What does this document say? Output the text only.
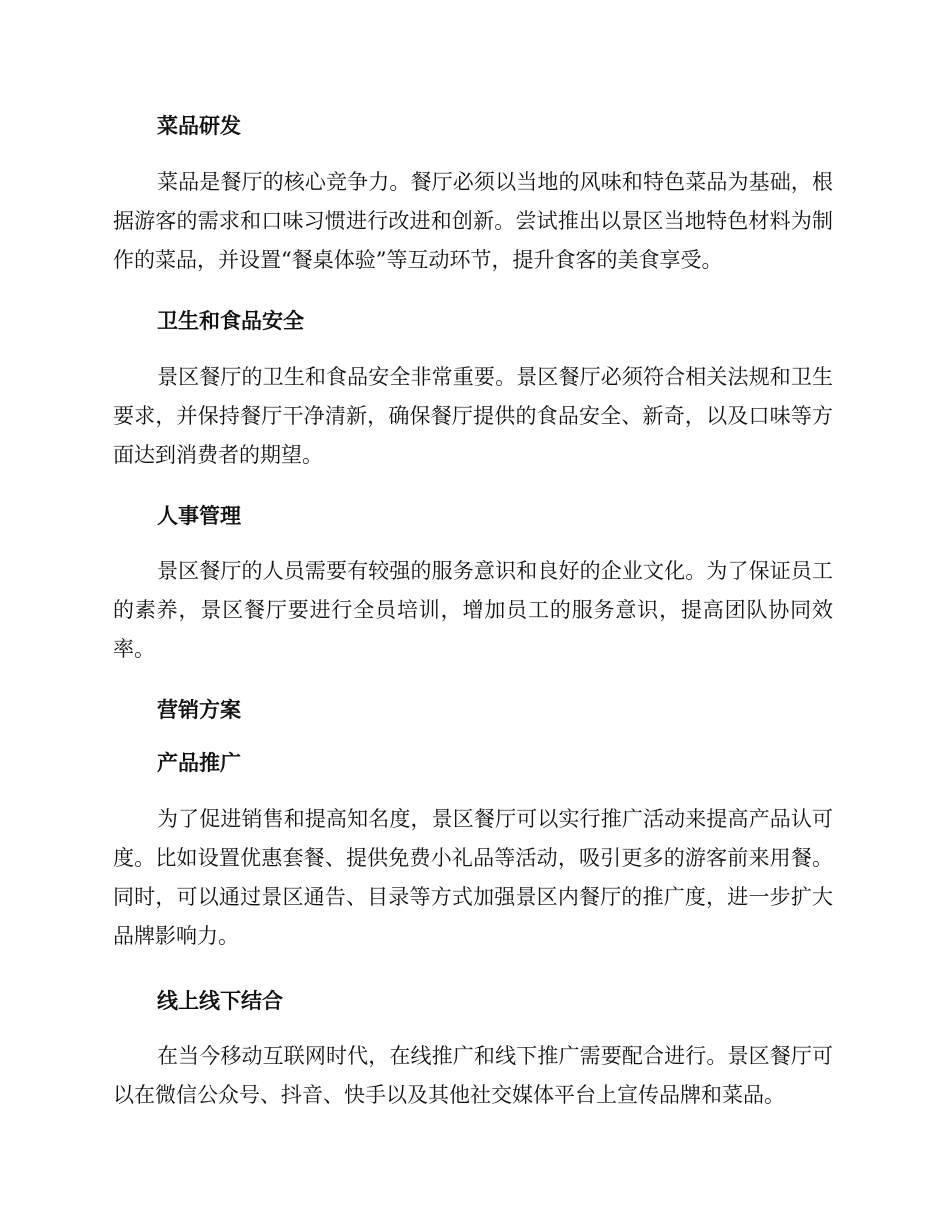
菜品研发
菜品是餐厅的核心竞争力。餐厅必须以当地的风味和特色菜品为基础，根据游客的需求和口味习惯进行改进和创新。尝试推出以景区当地特色材料为制作的菜品，并设置“餐桌体验”等互动环节，提升食客的美食享受。
卫生和食品安全
景区餐厅的卫生和食品安全非常重要。景区餐厅必须符合相关法规和卫生要求，并保持餐厅干净清新，确保餐厅提供的食品安全、新奇，以及口味等方面达到消费者的期望。
人事管理
景区餐厅的人员需要有较强的服务意识和良好的企业文化。为了保证员工的素养，景区餐厅要进行全员培训，增加员工的服务意识，提高团队协同效率。
营销方案
产品推广
为了促进销售和提高知名度，景区餐厅可以实行推广活动来提高产品认可度。比如设置优惠套餐、提供免费小礼品等活动，吸引更多的游客前来用餐。同时，可以通过景区通告、目录等方式加强景区内餐厅的推广度，进一步扩大品牌影响力。
线上线下结合
在当今移动互联网时代，在线推广和线下推广需要配合进行。景区餐厅可以在微信公众号、抖音、快手以及其他社交媒体平台上宣传品牌和菜品。
